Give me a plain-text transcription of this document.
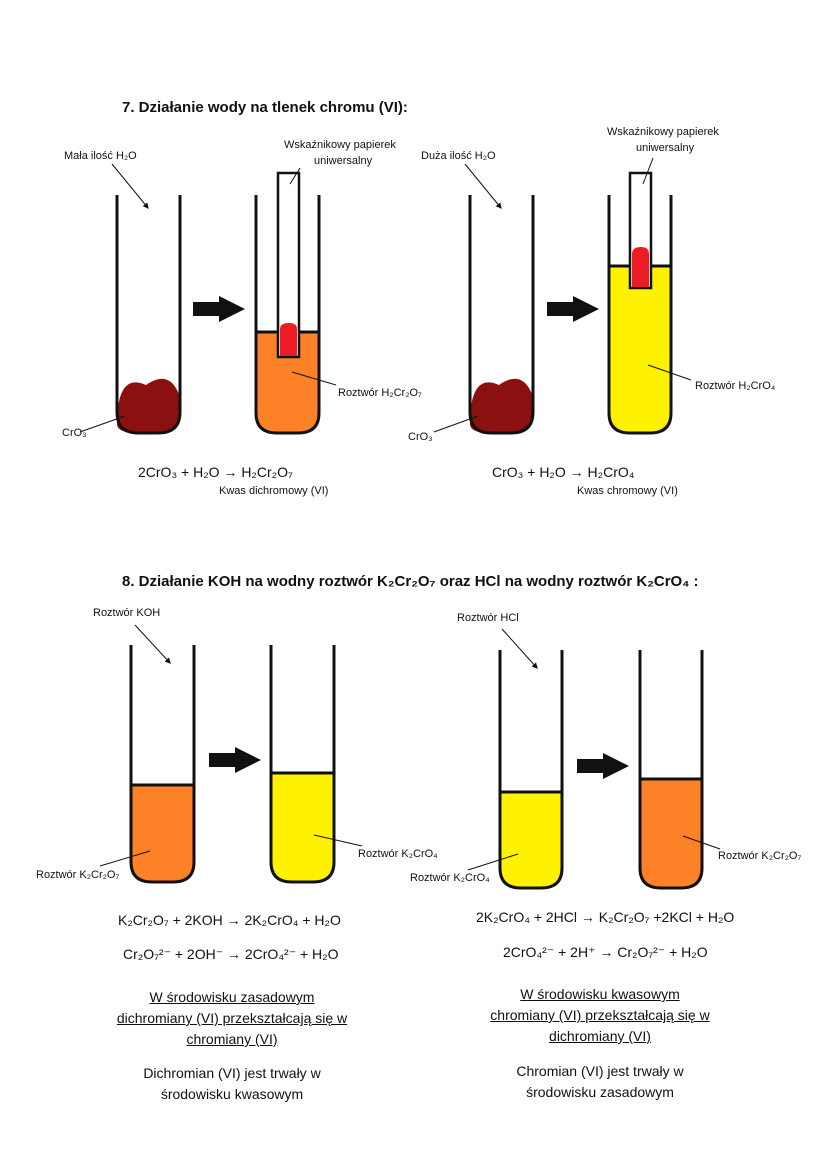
7. Działanie wody na tlenek chromu (VI):
Mała ilość H₂O
CrO₃
Wskaźnikowy papierek
uniwersalny
Roztwór H₂Cr₂O₇
2CrO₃ + H₂O → H₂Cr₂O₇
Kwas dichromowy (VI)
Duża ilość H₂O
CrO₃
Wskaźnikowy papierek
uniwersalny
Roztwór H₂CrO₄
CrO₃ + H₂O → H₂CrO₄
Kwas chromowy (VI)
8. Działanie KOH na wodny roztwór K₂Cr₂O₇ oraz HCl na wodny roztwór K₂CrO₄ :
Roztwór KOH
Roztwór K₂Cr₂O₇
Roztwór K₂CrO₄
K₂Cr₂O₇ + 2KOH → 2K₂CrO₄ + H₂O
Cr₂O₇²⁻ + 2OH⁻ → 2CrO₄²⁻ + H₂O
W środowisku zasadowym
dichromiany (VI) przekształcają się w
chromiany (VI)
Dichromian (VI) jest trwały w
środowisku kwasowym
Roztwór HCl
Roztwór K₂CrO₄
Roztwór K₂Cr₂O₇
2K₂CrO₄ + 2HCl → K₂Cr₂O₇ +2KCl + H₂O
2CrO₄²⁻ + 2H⁺ → Cr₂O₇²⁻ + H₂O
W środowisku kwasowym
chromiany (VI) przekształcają się w
dichromiany (VI)
Chromian (VI) jest trwały w
środowisku zasadowym
